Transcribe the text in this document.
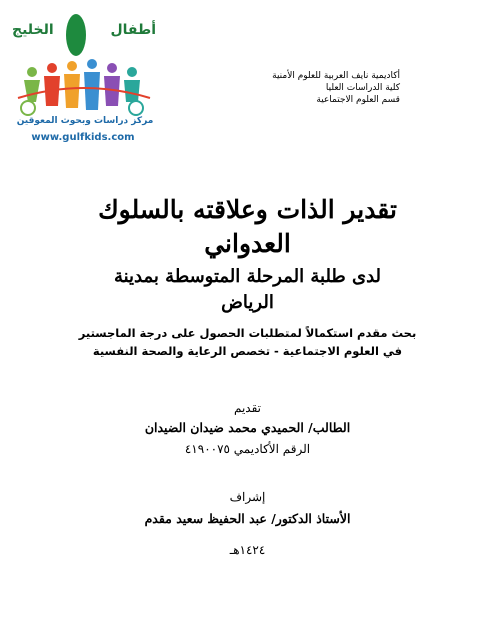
الخليج	أطفال
مركز دراسات وبحوث المعوقين
www.gulfkids.com
أكاديمية نايف العربية للعلوم الأمنية
كلية الدراسات العليا
قسم العلوم الاجتماعية
تقدير الذات وعلاقته بالسلوك
العدواني
لدى طلبة المرحلة المتوسطة بمدينة
الرياض
بحث مقدم استكمالاً لمتطلبات الحصول على درجة الماجستير
في العلوم الاجتماعية - تخصص الرعاية والصحة النفسية
تقديم
الطالب/ الحميدي محمد ضيدان الضيدان
الرقم الأكاديمي ٤١٩٠٠٧٥
إشراف
الأستاذ الدكتور/ عبد الحفيظ سعيد مقدم
١٤٢٤هـ
